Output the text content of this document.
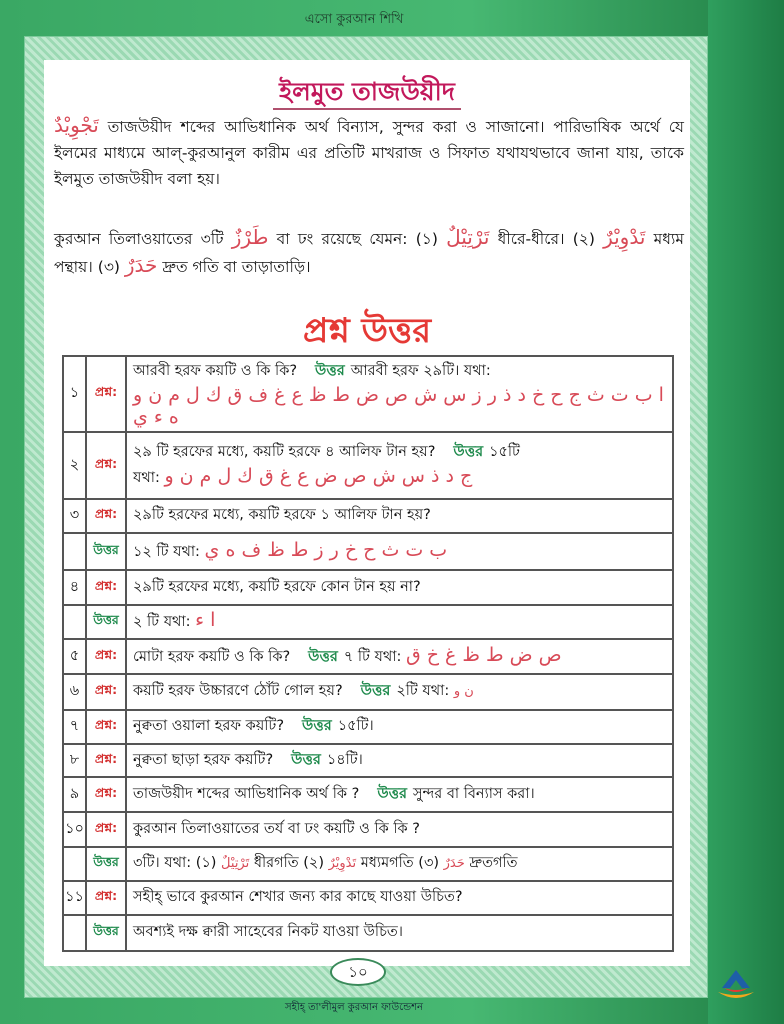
এসো কুরআন শিখি
ইলমুত তাজউয়ীদ
تَجْوِيْدٌ তাজউয়ীদ শব্দের আভিধানিক অর্থ বিন্যাস, সুন্দর করা ও সাজানো। পারিভাষিক অর্থে যে ইলমের মাধ্যমে আল্-কুরআনুল কারীম এর প্রতিটি মাখরাজ ও সিফাত যথাযথভাবে জানা যায়, তাকে ইলমুত তাজউয়ীদ বলা হয়।
কুরআন তিলাওয়াতের ৩টি طَرْزٌ বা ঢং রয়েছে যেমন: (১) تَرْتِيْلٌ ধীরে-ধীরে। (২) تَدْوِيْرٌ মধ্যম পন্থায়। (৩) حَدَرٌ দ্রুত গতি বা তাড়াতাড়ি।
প্রশ্ন উত্তর
১	প্রশ্ন:	আরবী হরফ কয়টি ও কি কি? উত্তর আরবী হরফ ২৯টি। যথা:
ا ب ت ث ج ح خ د ذ ر ز س ش ص ض ط ظ ع غ ف ق ك ل م ن و ه ء ي
২	প্রশ্ন:	২৯ টি হরফের মধ্যে, কয়টি হরফে ৪ আলিফ টান হয়? উত্তর ১৫টি
যথা: ج د ذ س ش ص ض ع غ ق ك ل م ن و
৩	প্রশ্ন:	২৯টি হরফের মধ্যে, কয়টি হরফে ১ আলিফ টান হয়?
	উত্তর	১২ টি যথা: ب ت ث ح خ ر ز ط ظ ف ه ي
৪	প্রশ্ন:	২৯টি হরফের মধ্যে, কয়টি হরফে কোন টান হয় না?
	উত্তর	২ টি যথা: ا ء
৫	প্রশ্ন:	মোটা হরফ কয়টি ও কি কি? উত্তর ৭ টি যথা: ص ض ط ظ غ خ ق
৬	প্রশ্ন:	কয়টি হরফ উচ্চারণে ঠোঁট গোল হয়? উত্তর ২টি যথা: ن و
৭	প্রশ্ন:	নুক্বতা ওয়ালা হরফ কয়টি? উত্তর ১৫টি।
৮	প্রশ্ন:	নুক্বতা ছাড়া হরফ কয়টি? উত্তর ১৪টি।
৯	প্রশ্ন:	তাজউয়ীদ শব্দের আভিধানিক অর্থ কি ? উত্তর সুন্দর বা বিন্যাস করা।
১০	প্রশ্ন:	কুরআন তিলাওয়াতের তর্য বা ঢং কয়টি ও কি কি ?
	উত্তর	৩টি। যথা: (১) تَرْتِيْلٌ ধীরগতি (২) تَدْوِيْرٌ মধ্যমগতি (৩) حَدَرٌ দ্রুতগতি
১১	প্রশ্ন:	সহীহ্ ভাবে কুরআন শেখার জন্য কার কাছে যাওয়া উচিত?
	উত্তর	অবশ্যই দক্ষ ক্বারী সাহেবের নিকট যাওয়া উচিত।
১০
সহীহ্ তা'লীমুল কুরআন ফাউন্ডেশন
